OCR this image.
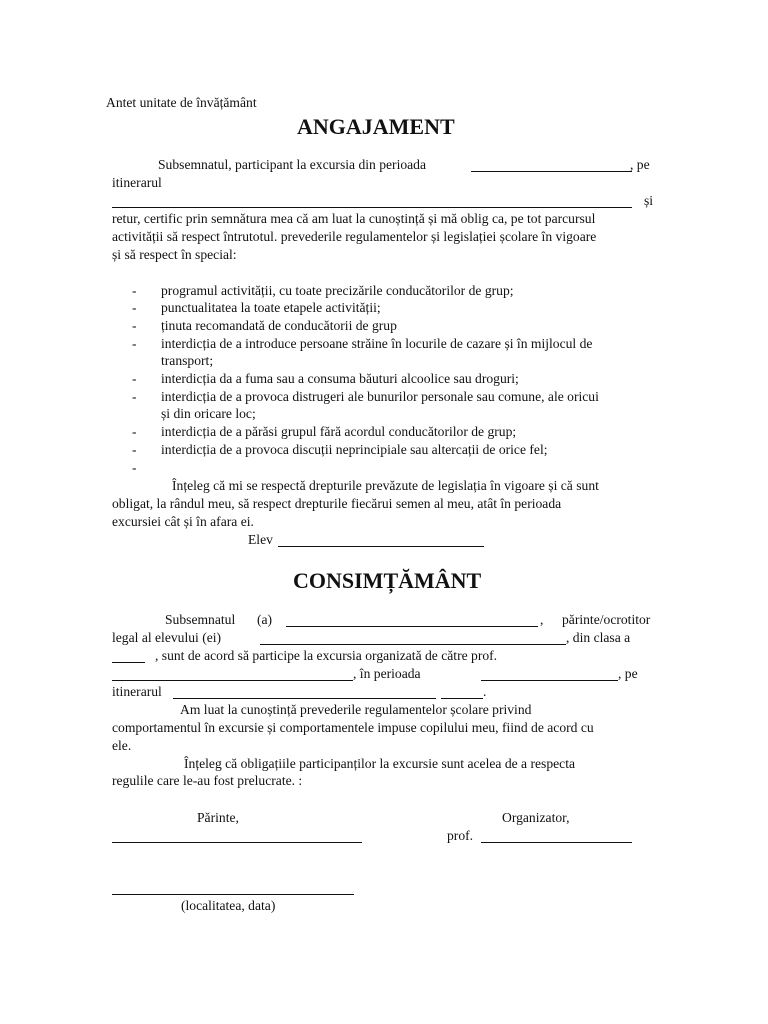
Antet unitate de învățământ
ANGAJAMENT
Subsemnatul, participant la excursia din perioada	, pe
itinerarul
și
retur, certific prin semnătura mea că am luat la cunoștință și mă oblig ca, pe tot parcursul
activității să respect întrutotul. prevederile regulamentelor și legislației școlare în vigoare
și să respect în special:
-	programul activității, cu toate precizările conducătorilor de grup;
-	punctualitatea la toate etapele activității;
-	ținuta recomandată de conducătorii de grup
-	interdicția de a introduce persoane străine în locurile de cazare și în mijlocul de
transport;
-	interdicția da a fuma sau a consuma băuturi alcoolice sau droguri;
-	interdicția de a provoca distrugeri ale bunurilor personale sau comune, ale oricui
și din oricare loc;
-	interdicția de a părăsi grupul fără acordul conducătorilor de grup;
-	interdicția de a provoca discuții neprincipiale sau altercații de orice fel;
-
Înțeleg că mi se respectă drepturile prevăzute de legislația în vigoare și că sunt
obligat, la rândul meu, să respect drepturile fiecărui semen al meu, atât în perioada
excursiei cât și în afara ei.
Elev
CONSIMȚĂMÂNT
Subsemnatul (a)	, părinte/ocrotitor
legal al elevului (ei)	, din clasa a
, sunt de acord să participe la excursia organizată de către prof.
, în perioada	, pe
itinerarul	.
Am luat la cunoștință prevederile regulamentelor școlare privind
comportamentul în excursie și comportamentele impuse copilului meu, fiind de acord cu
ele.
Înțeleg că obligațiile participanților la excursie sunt acelea de a respecta
regulile care le-au fost prelucrate. :
Părinte,	Organizator,
prof.
(localitatea, data)
